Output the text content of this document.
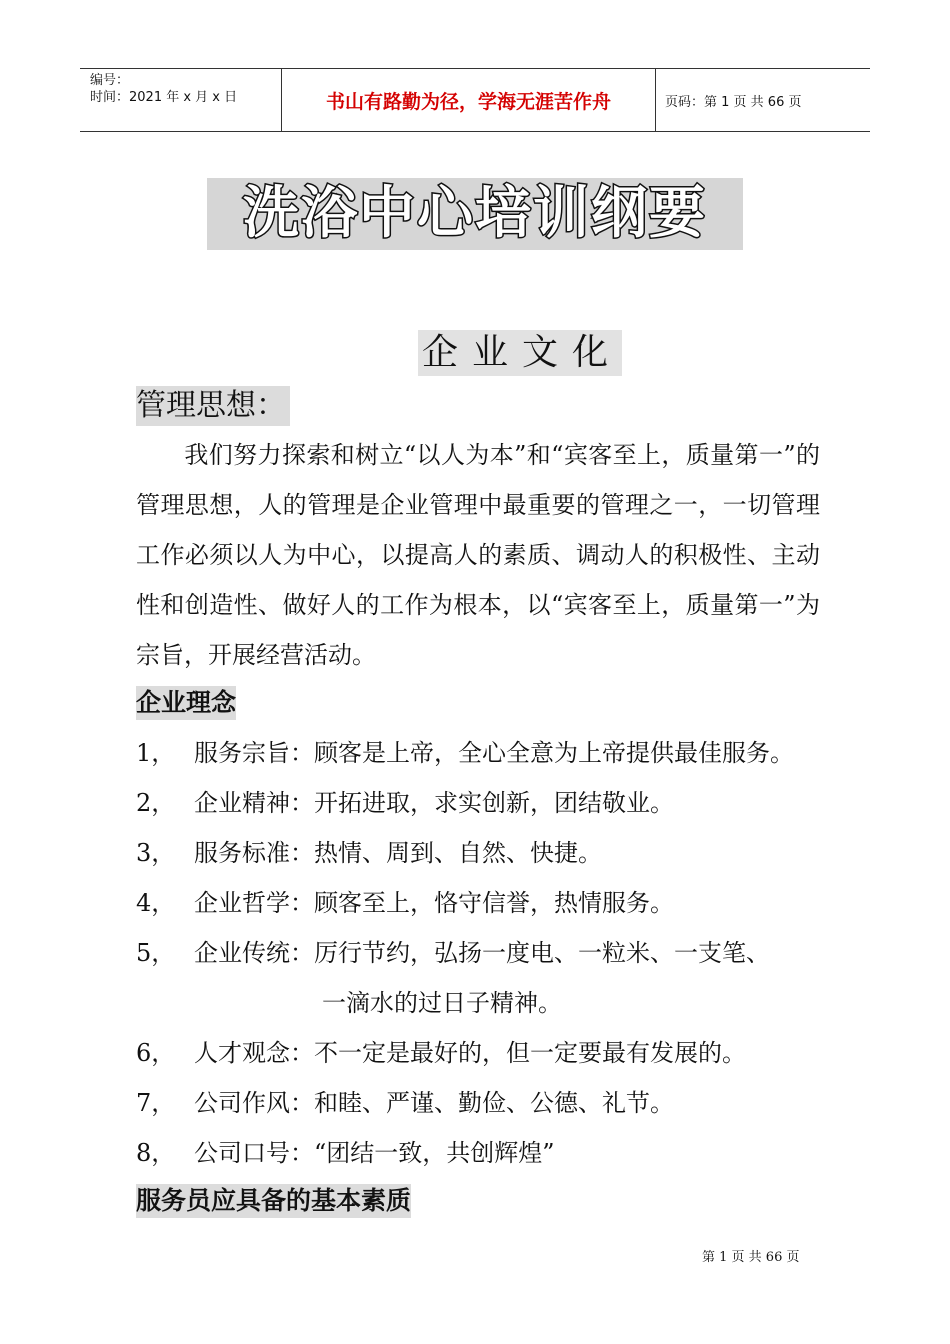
编号：
时间：2021 年 x 月 x 日	书山有路勤为径，学海无涯苦作舟	页码：第 1 页 共 66 页
洗浴中心培训纲要
企业文化
管理思想：
我们努力探索和树立“以人为本”和“宾客至上，质量第一”的管理思想，人的管理是企业管理中最重要的管理之一，一切管理工作必须以人为中心，以提高人的素质、调动人的积极性、主动性和创造性、做好人的工作为根本，以“宾客至上，质量第一”为宗旨，开展经营活动。
企业理念
1， 服务宗旨：顾客是上帝，全心全意为上帝提供最佳服务。
2， 企业精神：开拓进取，求实创新，团结敬业。
3， 服务标准：热情、周到、自然、快捷。
4， 企业哲学：顾客至上，恪守信誉，热情服务。
5， 企业传统：厉行节约，弘扬一度电、一粒米、一支笔、
一滴水的过日子精神。
6， 人才观念：不一定是最好的，但一定要最有发展的。
7， 公司作风：和睦、严谨、勤俭、公德、礼节。
8， 公司口号：“团结一致，共创辉煌”
服务员应具备的基本素质
第 1 页 共 66 页
